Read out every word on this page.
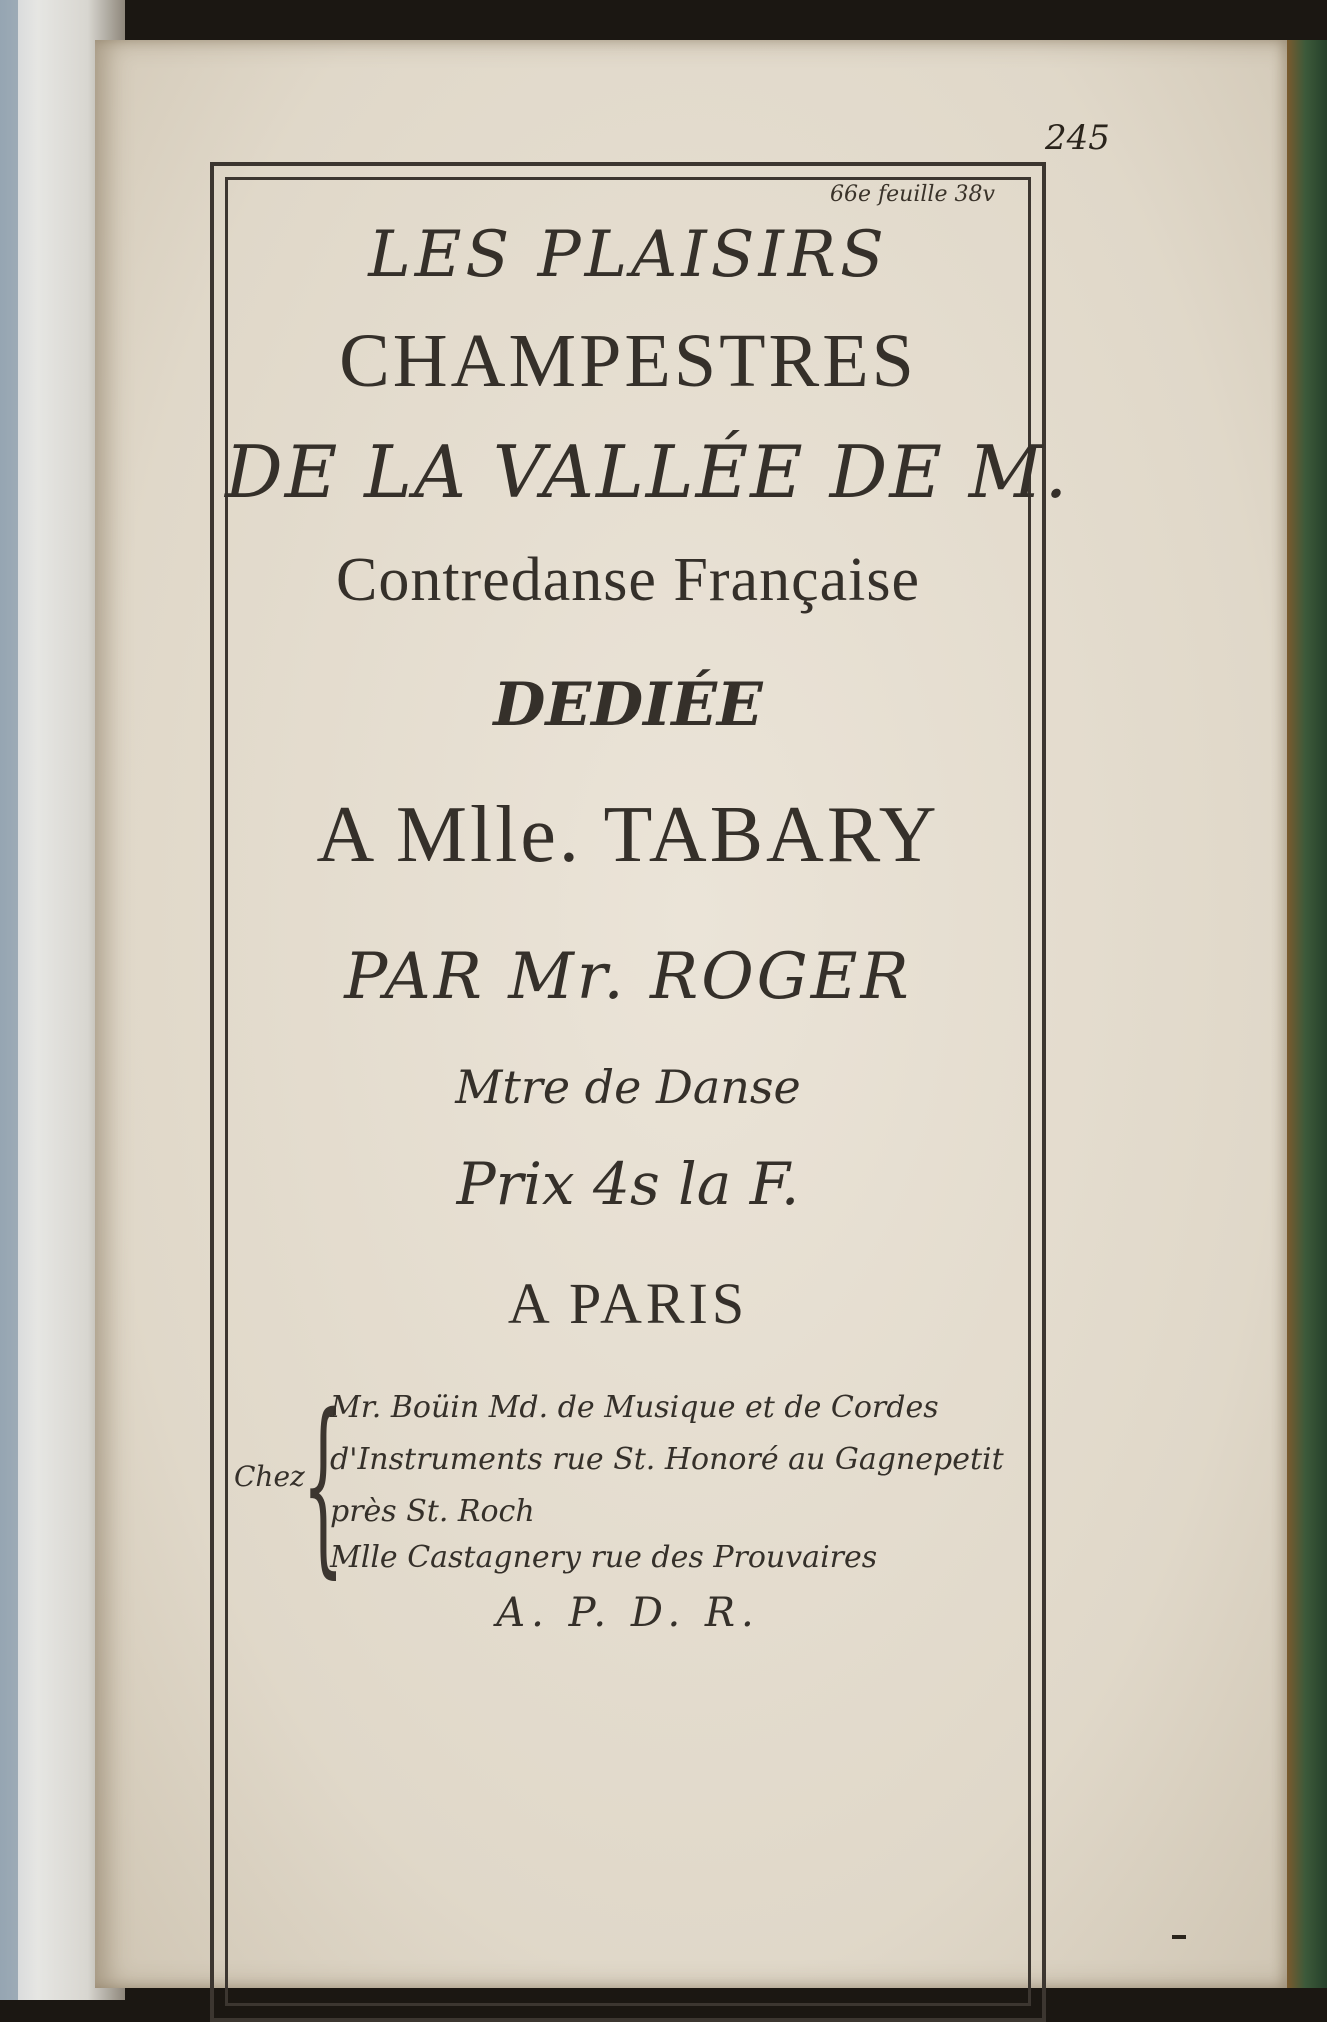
245
66e feuille 38v
LES PLAISIRS
CHAMPESTRES
DE LA VALLÉE DE M.
Contredanse Française
DEDIÉE
A Mlle. TABARY
PAR Mr. ROGER
Mtre de Danse
Prix 4s la F.
A PARIS
Chez
{
Mr. Boüin Md. de Musique et de Cordes
d'Instruments rue St. Honoré au Gagnepetit
près St. Roch
Mlle Castagnery rue des Prouvaires
A. P. D. R.
